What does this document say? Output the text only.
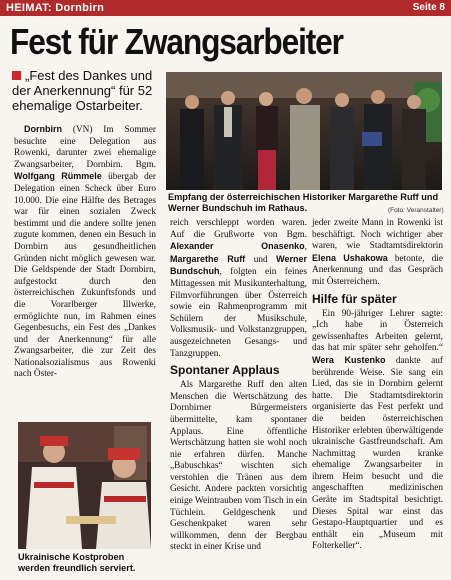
HEIMAT: Dornbirn	Seite 8
Fest für Zwangsarbeiter
„Fest des Dankes und der Anerkennung“ für 52 ehemalige Ostarbeiter.
Empfang der österreichischen Historiker Margarethe Ruff und Werner Bundschuh im Rathaus.	(Foto: Veranstalter)

Dornbirn (VN) Im Sommer besuchte eine Delegation aus Rowenki, darunter zwei ehemalige Zwangsarbeiter, Dornbirn. Bgm. Wolfgang Rümmele übergab der Delegation einen Scheck über Euro 10.000. Die eine Hälfte des Betrages war für einen sozialen Zweck bestimmt und die andere sollte jenen zugute kommen, denen ein Besuch in Dornbirn aus gesundheitlichen Gründen nicht möglich gewesen war. Die Geldspende der Stadt Dornbirn, aufgestockt durch den österreichischen Zukunftsfonds und die Vorarlberger Illwerke, ermöglichte nun, im Rahmen eines Gegenbesuchs, ein Fest des „Dankes und der Anerkennung“ für alle Zwangsarbeiter, die zur Zeit des Nationalsozialismus aus Rowenki nach Öster-

Ukrainische Kostproben werden freundlich serviert.

reich verschleppt worden waren. Auf die Grußworte von Bgm. Alexander Onasenko, Margarethe Ruff und Werner Bundschuh, folgten ein feines Mittagessen mit Musikunterhaltung, Filmvorführungen über Österreich sowie ein Rahmenprogramm mit Schülern der Musikschule, Volksmusik- und Volkstanzgruppen, ausgezeichneten Gesangs- und Tanzgruppen.

Spontaner Applaus

Als Margarethe Ruff den alten Menschen die Wertschätzung des Dornbirner Bürgermeisters übermittelte, kam spontaner Applaus. Eine öffentliche Wertschätzung hatten sie wohl noch nie erfahren dürfen. Manche „Babuschkas“ wischten sich verstohlen die Tränen aus dem Gesicht. Andere packten vorsichtig einige Weintrauben vom Tisch in ein Tüchlein. Geldgeschenk und Geschenkpaket waren sehr willkommen, denn der Bergbau steckt in einer Krise und

jeder zweite Mann in Rowenki ist beschäftigt. Noch wichtiger aber waren, wie Stadtamtsdirektorin Elena Ushakowa betonte, die Anerkennung und das Gespräch mit Österreichern.

Hilfe für später

Ein 90-jähriger Lehrer sagte: „Ich habe in Österreich gewissenhaftes Arbeiten gelernt, das hat mir später sehr geholfen.“ Wera Kustenko dankte auf berührende Weise. Sie sang ein Lied, das sie in Dornbirn gelernt hatte. Die Stadtamtsdirektorin organisierte das Fest perfekt und die beiden österreichischen Historiker erlebten überwältigende ukrainische Gastfreundschaft. Am Nachmittag wurden kranke ehemalige Zwangsarbeiter in ihrem Heim besucht und die angeschafften medizinischen Geräte im Stadtspital besichtigt. Dieses Spital war einst das Gestapo-Hauptquartier und es enthält ein „Museum mit Folterkeller“.
